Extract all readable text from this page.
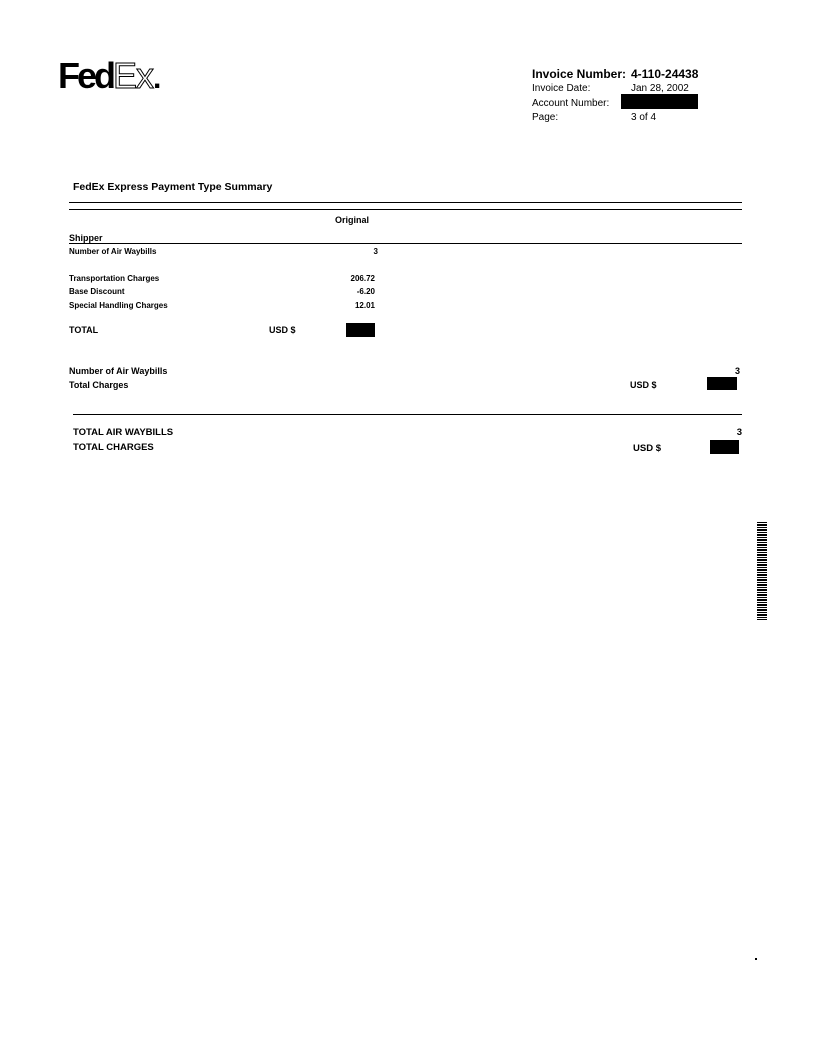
FedEx.	Invoice Number: 4-110-24438
Invoice Date:	Jan 28, 2002
Account Number:
Page:	3 of 4
FedEx Express Payment Type Summary
Original
Shipper
Number of Air Waybills	3
Transportation Charges	206.72
Base Discount	-6.20
Special Handling Charges	12.01
TOTAL	USD $
Number of Air Waybills	3
Total Charges	USD $
TOTAL AIR WAYBILLS	3
TOTAL CHARGES	USD $
